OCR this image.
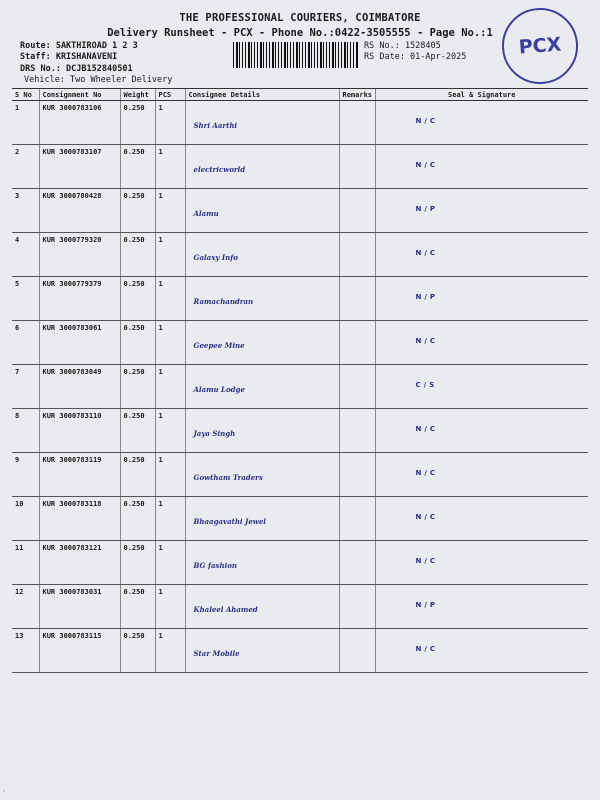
THE PROFESSIONAL COURIERS, COIMBATORE
Delivery Runsheet - PCX - Phone No.:0422-3505555 - Page No.:1
Route: SAKTHIROAD 1 2 3
Staff: KRISHANAVENI
DRS No.: DCJB152840501
Vehicle: Two Wheeler Delivery
RS No.: 1528405
RS Date: 01-Apr-2025	PCX
S No	Consignment No	Weight	PCS	Consignee Details	Remarks	Seal & Signature
1	KUR 3000783106	0.250	1	Shri Aarthi		N/C

2	KUR 3000783107	0.250	1	electricworld		N/C

3	KUR 3000780428	0.250	1	Alamu		N/P

4	KUR 3000779320	0.250	1	Galaxy Info		N/C

5	KUR 3000779379	0.250	1	Ramachandran		N/P

6	KUR 3000783061	0.250	1	Geepee Mine		N/C

7	KUR 3000783049	0.250	1	Alamu Lodge		C/S

8	KUR 3000783110	0.250	1	Jaya Singh		N/C

9	KUR 3000783119	0.250	1	Gowtham Traders		N/C

10	KUR 3000783118	0.250	1	Bhaagavathi Jewel		N/C

11	KUR 3000783121	0.250	1	BG fashion		N/C

12	KUR 3000783031	0.250	1	Khaleel Ahamed		N/P

13	KUR 3000783115	0.250	1	Star Mobile		N/C
ʹ
